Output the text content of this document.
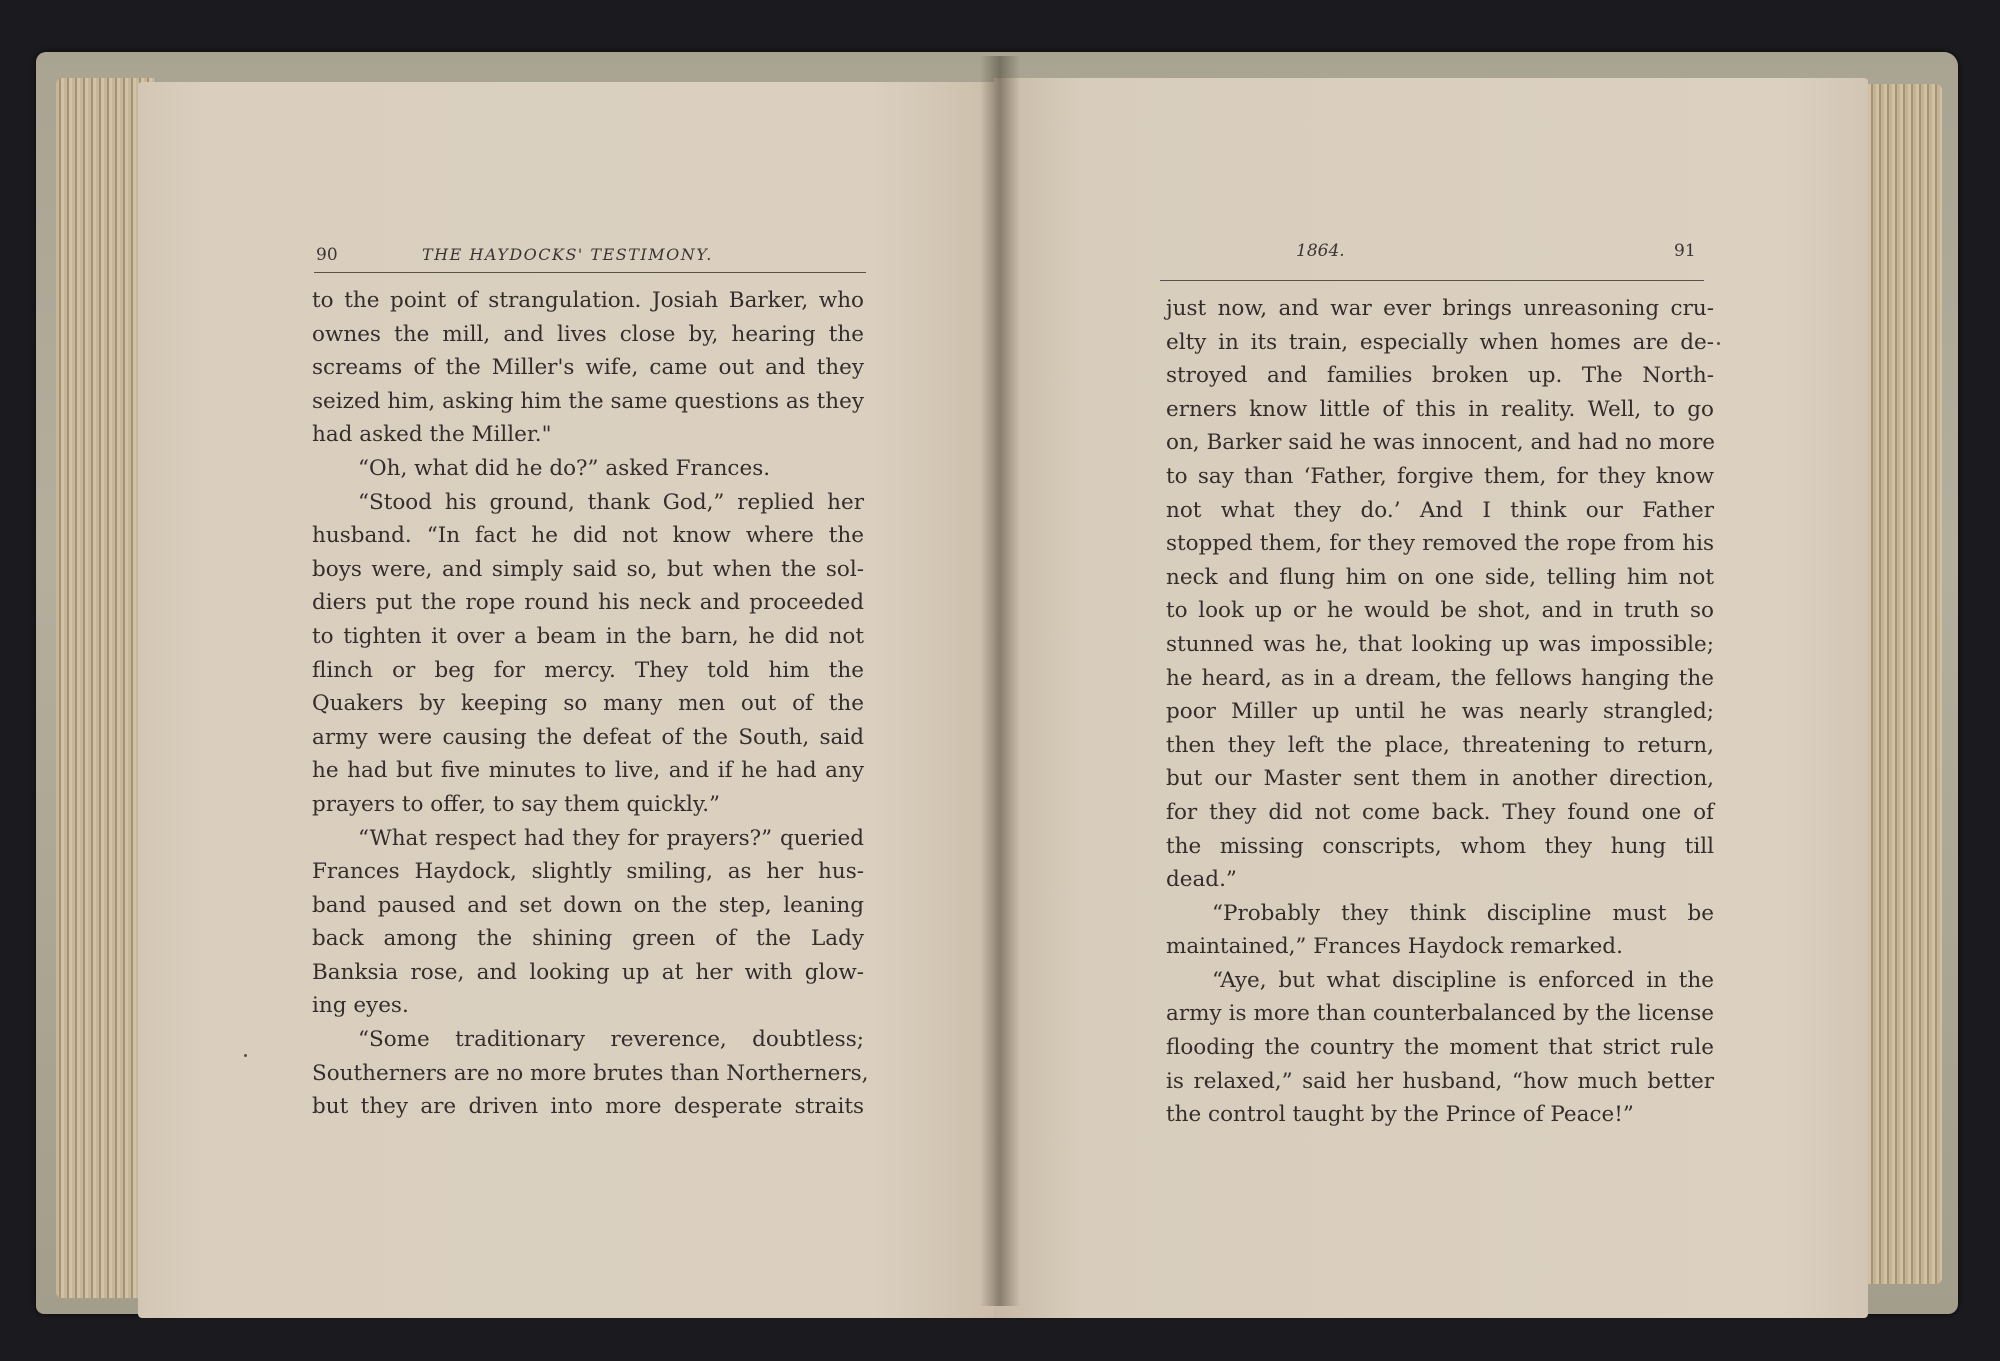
90	THE HAYDOCKS' TESTIMONY.
to the point of strangulation. Josiah Barker, who
ownes the mill, and lives close by, hearing the
screams of the Miller's wife, came out and they
seized him, asking him the same questions as they
had asked the Miller."
“Oh, what did he do?” asked Frances.
“Stood his ground, thank God,” replied her
husband. “In fact he did not know where the
boys were, and simply said so, but when the sol-
diers put the rope round his neck and proceeded
to tighten it over a beam in the barn, he did not
flinch or beg for mercy. They told him the
Quakers by keeping so many men out of the
army were causing the defeat of the South, said
he had but five minutes to live, and if he had any
prayers to offer, to say them quickly.”
“What respect had they for prayers?” queried
Frances Haydock, slightly smiling, as her hus-
band paused and set down on the step, leaning
back among the shining green of the Lady
Banksia rose, and looking up at her with glow-
ing eyes.
“Some traditionary reverence, doubtless;
Southerners are no more brutes than Northerners,
but they are driven into more desperate straits
1864.	91
just now, and war ever brings unreasoning cru-
elty in its train, especially when homes are de-
stroyed and families broken up. The North-
erners know little of this in reality. Well, to go
on, Barker said he was innocent, and had no more
to say than ‘Father, forgive them, for they know
not what they do.’ And I think our Father
stopped them, for they removed the rope from his
neck and flung him on one side, telling him not
to look up or he would be shot, and in truth so
stunned was he, that looking up was impossible;
he heard, as in a dream, the fellows hanging the
poor Miller up until he was nearly strangled;
then they left the place, threatening to return,
but our Master sent them in another direction,
for they did not come back. They found one of
the missing conscripts, whom they hung till
dead.”
“Probably they think discipline must be
maintained,” Frances Haydock remarked.
“Aye, but what discipline is enforced in the
army is more than counterbalanced by the license
flooding the country the moment that strict rule
is relaxed,” said her husband, “how much better
the control taught by the Prince of Peace!”
